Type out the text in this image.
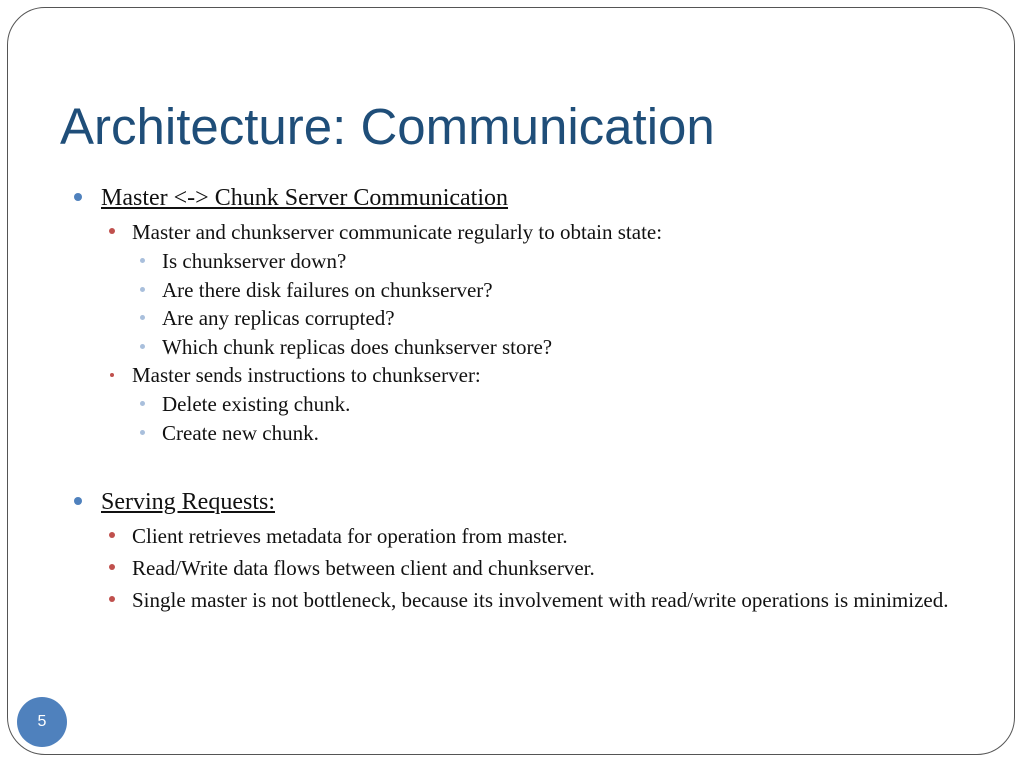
Architecture: Communication
Master <-> Chunk Server Communication
Master and chunkserver communicate regularly to obtain state:
Is chunkserver down?
Are there disk failures on chunkserver?
Are any replicas corrupted?
Which chunk replicas does chunkserver store?
Master sends instructions to chunkserver:
Delete existing chunk.
Create new chunk.
Serving Requests:
Client retrieves metadata for operation from master.
Read/Write data flows between client and chunkserver.
Single master is not bottleneck, because its involvement with read/write operations is minimized.
5
